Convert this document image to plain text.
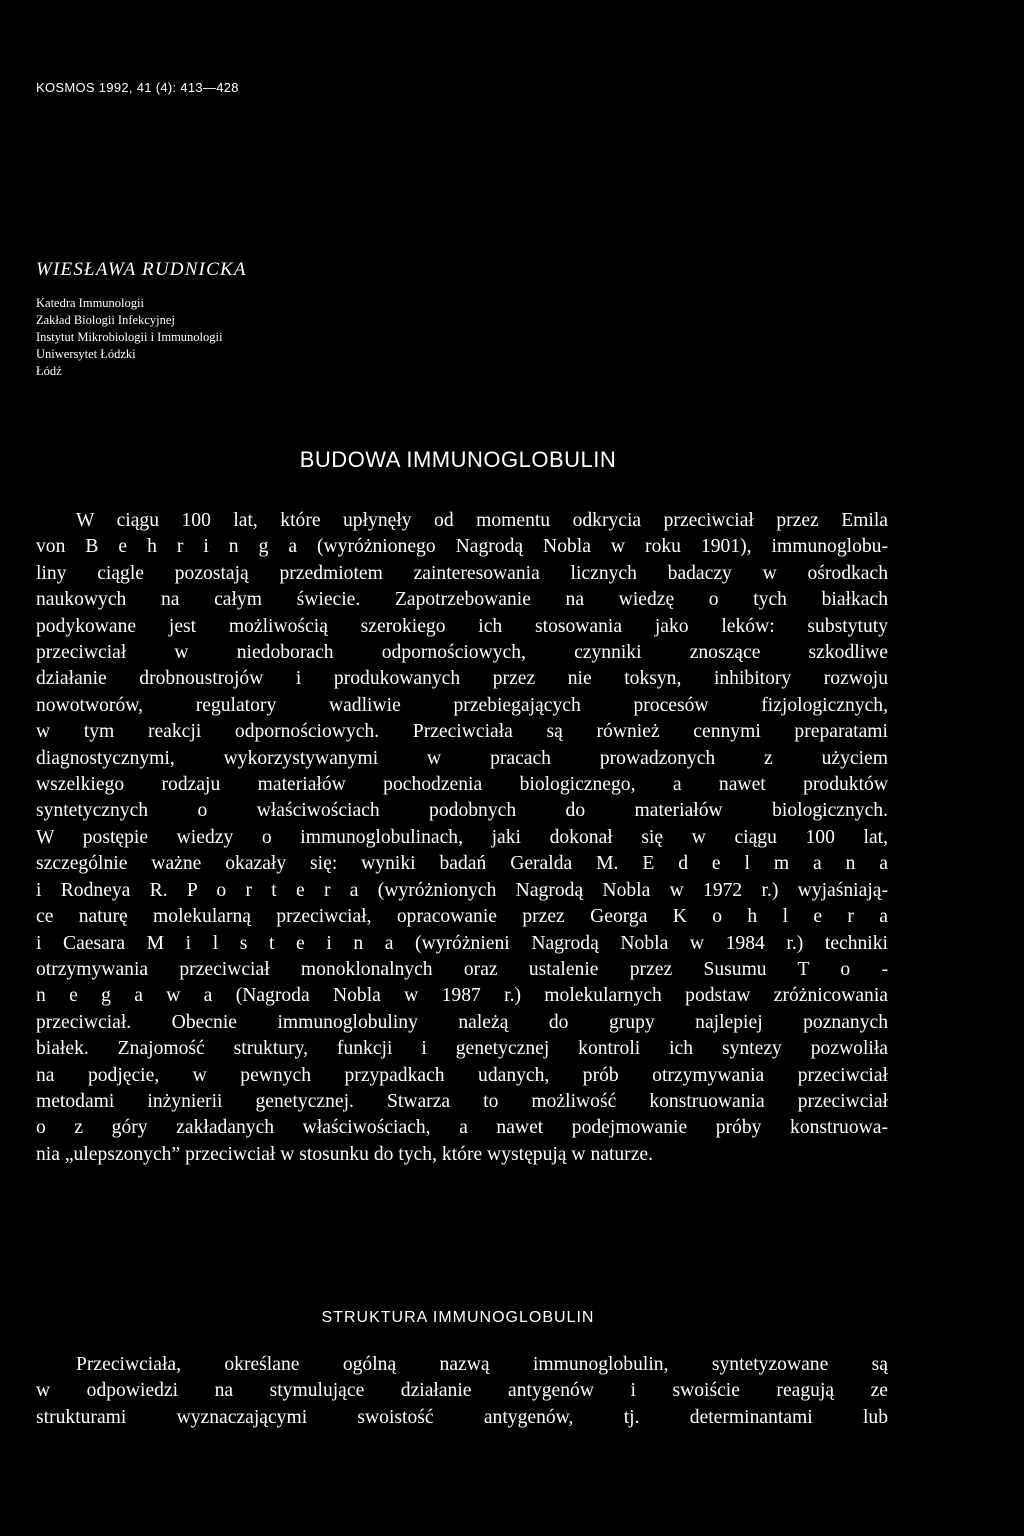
KOSMOS 1992, 41 (4): 413—428
WIESŁAWA RUDNICKA
Katedra Immunologii
Zakład Biologii Infekcyjnej
Instytut Mikrobiologii i Immunologii
Uniwersytet Łódzki
Łódź
BUDOWA IMMUNOGLOBULIN
W ciągu 100 lat, które upłynęły od momentu odkrycia przeciwciał przez Emila
von B e h r i n g a (wyróżnionego Nagrodą Nobla w roku 1901), immunoglobu-
liny ciągle pozostają przedmiotem zainteresowania licznych badaczy w ośrodkach
naukowych na całym świecie. Zapotrzebowanie na wiedzę o tych białkach
podykowane jest możliwością szerokiego ich stosowania jako leków: substytuty
przeciwciał w niedoborach odpornościowych, czynniki znoszące szkodliwe
działanie drobnoustrojów i produkowanych przez nie toksyn, inhibitory rozwoju
nowotworów, regulatory wadliwie przebiegających procesów fizjologicznych,
w tym reakcji odpornościowych. Przeciwciała są również cennymi preparatami
diagnostycznymi, wykorzystywanymi w pracach prowadzonych z użyciem
wszelkiego rodzaju materiałów pochodzenia biologicznego, a nawet produktów
syntetycznych o właściwościach podobnych do materiałów biologicznych.
W postępie wiedzy o immunoglobulinach, jaki dokonał się w ciągu 100 lat,
szczególnie ważne okazały się: wyniki badań Geralda M. E d e l m a n a
i Rodneya R. P o r t e r a (wyróżnionych Nagrodą Nobla w 1972 r.) wyjaśniają-
ce naturę molekularną przeciwciał, opracowanie przez Georga K o h l e r a
i Caesara M i l s t e i n a (wyróżnieni Nagrodą Nobla w 1984 r.) techniki
otrzymywania przeciwciał monoklonalnych oraz ustalenie przez Susumu T o -
n e g a w a (Nagroda Nobla w 1987 r.) molekularnych podstaw zróżnicowania
przeciwciał. Obecnie immunoglobuliny należą do grupy najlepiej poznanych
białek. Znajomość struktury, funkcji i genetycznej kontroli ich syntezy pozwoliła
na podjęcie, w pewnych przypadkach udanych, prób otrzymywania przeciwciał
metodami inżynierii genetycznej. Stwarza to możliwość konstruowania przeciwciał
o z góry zakładanych właściwościach, a nawet podejmowanie próby konstruowa-
nia „ulepszonych” przeciwciał w stosunku do tych, które występują w naturze.
STRUKTURA IMMUNOGLOBULIN
Przeciwciała, określane ogólną nazwą immunoglobulin, syntetyzowane są
w odpowiedzi na stymulujące działanie antygenów i swoiście reagują ze
strukturami wyznaczającymi swoistość antygenów, tj. determinantami lub
